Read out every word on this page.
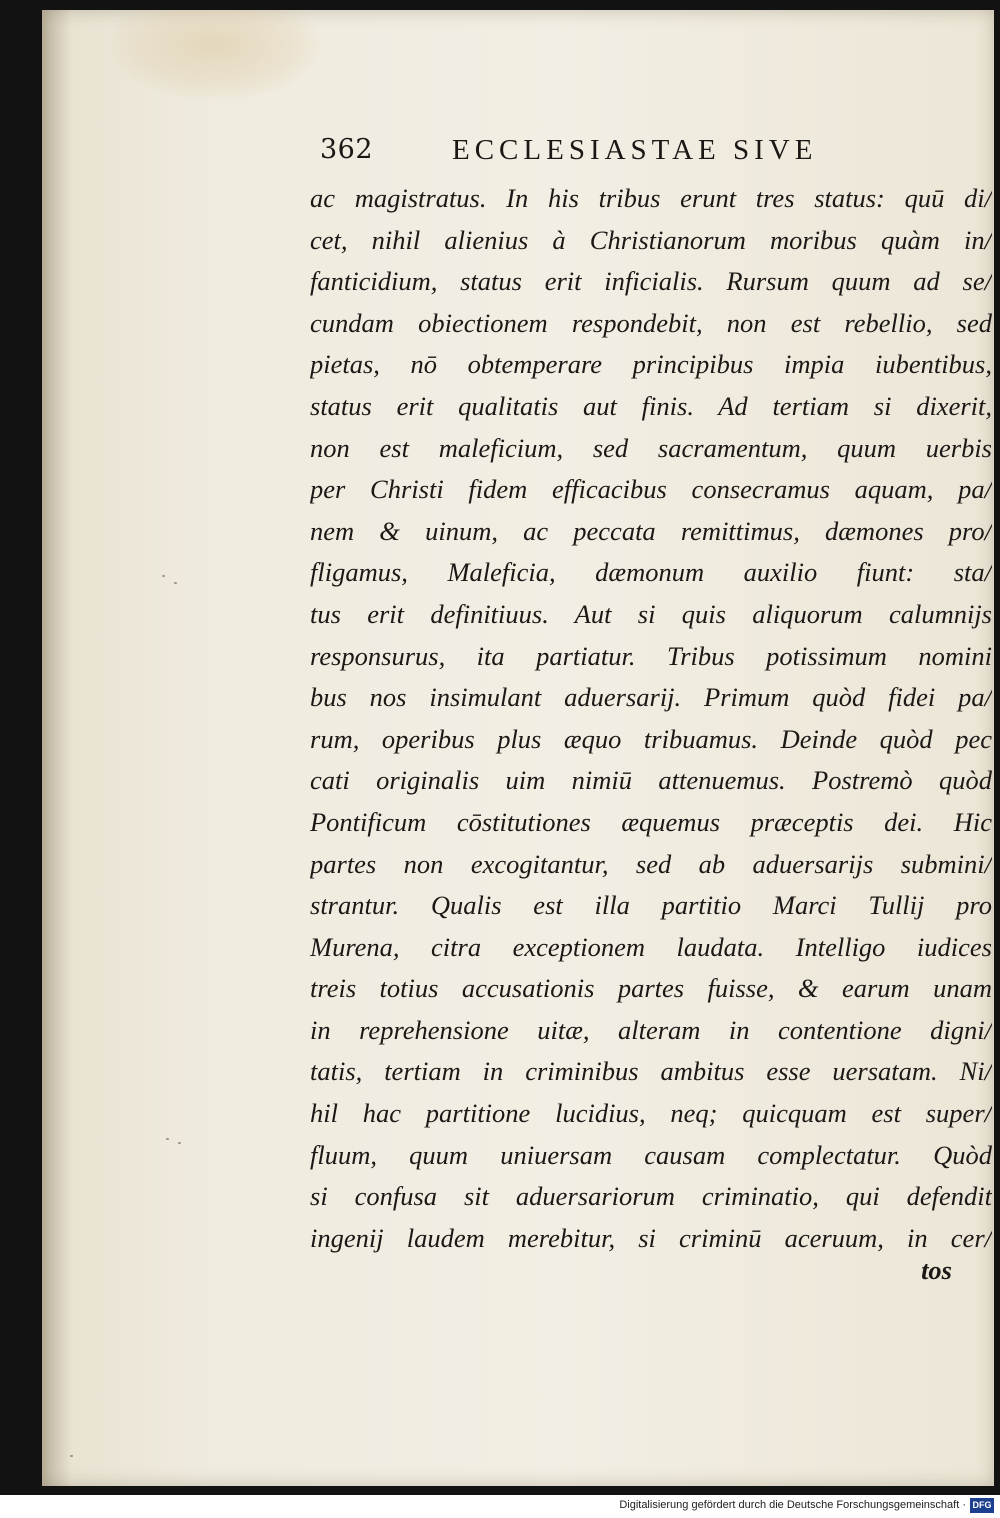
362	ECCLESIASTAE SIVE
ac magistratus. In his tribus erunt tres status: quū di/
cet, nihil alienius à Christianorum moribus quàm in/
fanticidium, status erit inficialis. Rursum quum ad se/
cundam obiectionem respondebit, non est rebellio, sed
pietas, nō obtemperare principibus impia iubentibus,
status erit qualitatis aut finis. Ad tertiam si dixerit,
non est maleficium, sed sacramentum, quum uerbis
per Christi fidem efficacibus consecramus aquam, pa/
nem & uinum, ac peccata remittimus, dæmones pro/
fligamus, Maleficia, dæmonum auxilio fiunt: sta/
tus erit definitiuus. Aut si quis aliquorum calumnijs
responsurus, ita partiatur. Tribus potissimum nomini
bus nos insimulant aduersarij. Primum quòd fidei pa/
rum, operibus plus æquo tribuamus. Deinde quòd pec
cati originalis uim nimiū attenuemus. Postremò quòd
Pontificum cōstitutiones æquemus præceptis dei. Hic
partes non excogitantur, sed ab aduersarijs submini/
strantur. Qualis est illa partitio Marci Tullij pro
Murena, citra exceptionem laudata. Intelligo iudices
treis totius accusationis partes fuisse, & earum unam
in reprehensione uitæ, alteram in contentione digni/
tatis, tertiam in criminibus ambitus esse uersatam. Ni/
hil hac partitione lucidius, neq; quicquam est super/
fluum, quum uniuersam causam complectatur. Quòd
si confusa sit aduersariorum criminatio, qui defendit
ingenij laudem merebitur, si criminū aceruum, in cer/
tos
Digitalisierung gefördert durch die Deutsche Forschungsgemeinschaft · DFG
